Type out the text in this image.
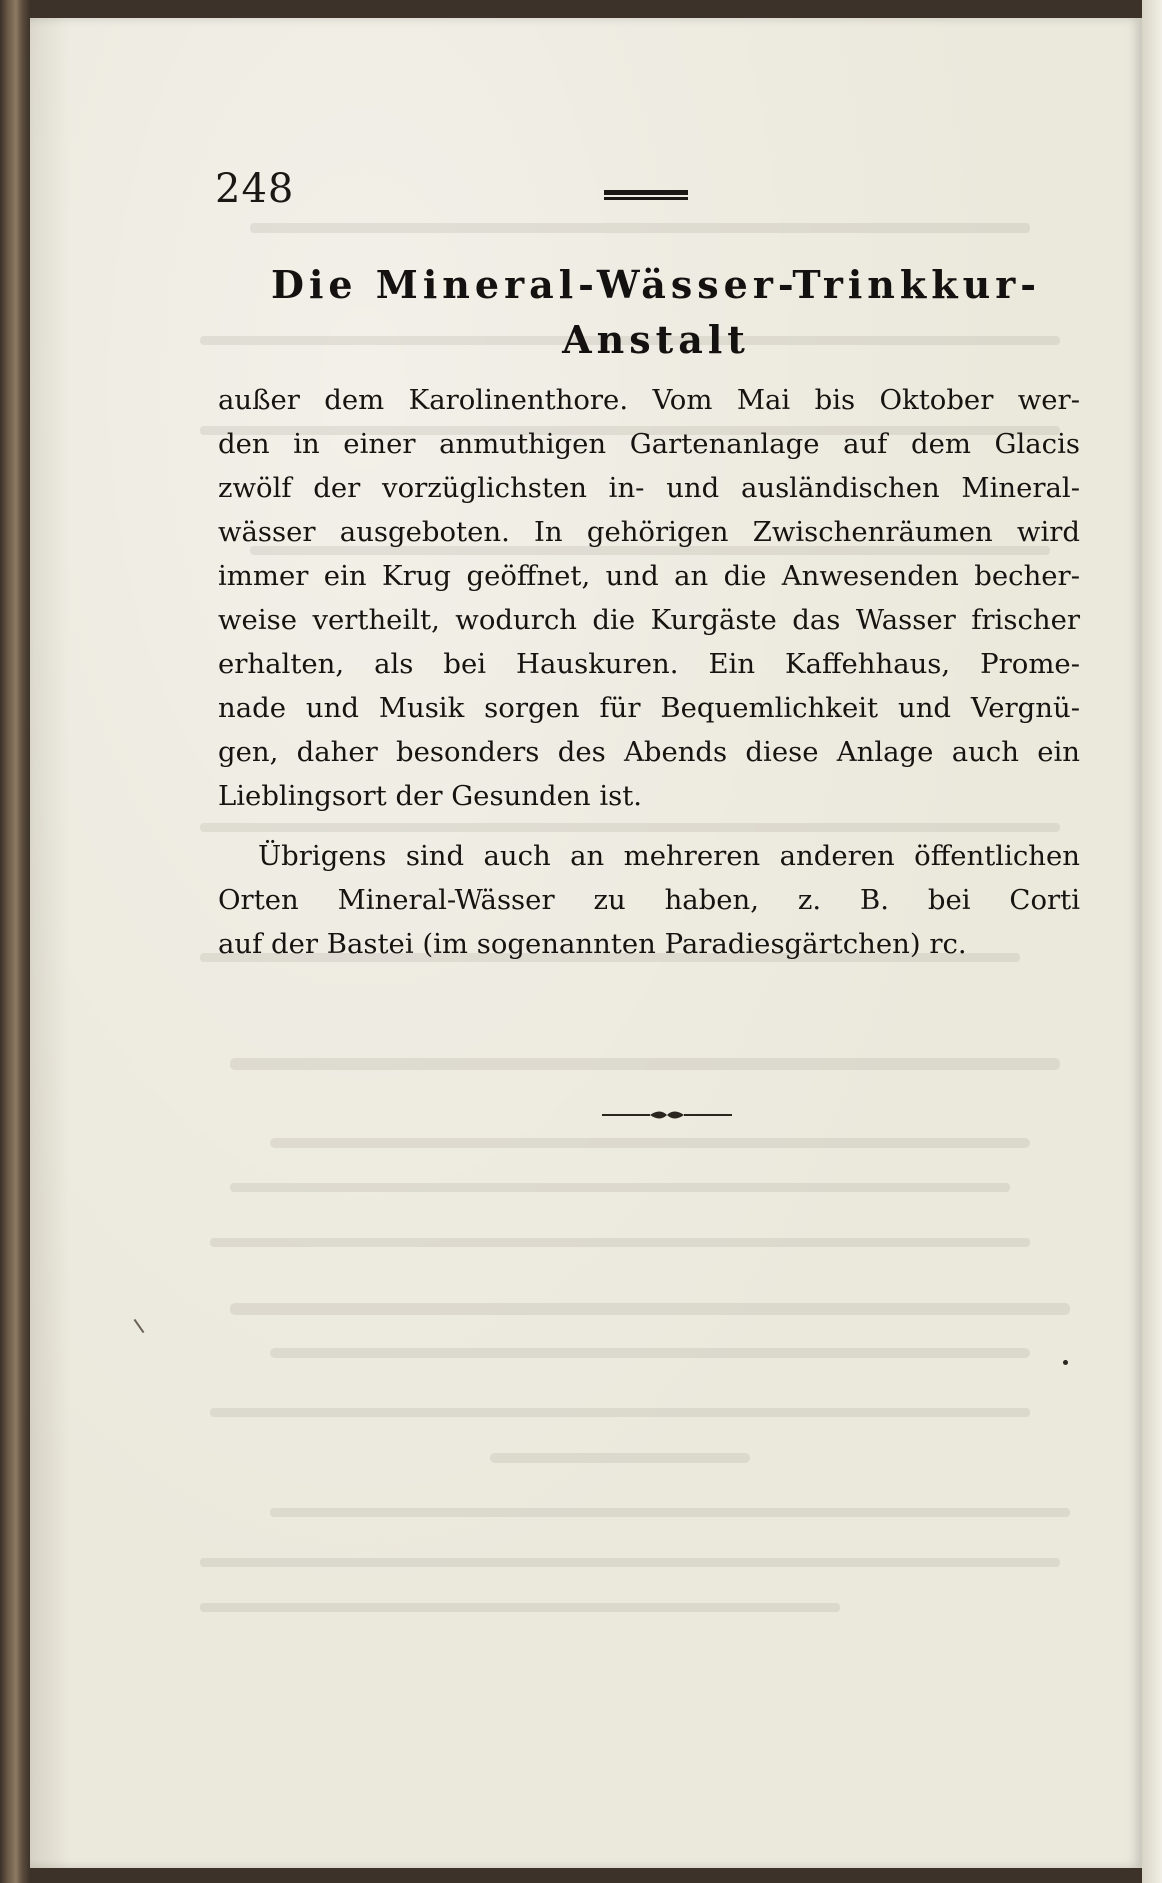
248
Die Mineral-Wässer-Trinkkur-
Anstalt
außer dem Karolinenthore. Vom Mai bis Oktober wer-
den in einer anmuthigen Gartenanlage auf dem Glacis
zwölf der vorzüglichsten in- und ausländischen Mineral-
wässer ausgeboten. In gehörigen Zwischenräumen wird
immer ein Krug geöffnet, und an die Anwesenden becher-
weise vertheilt, wodurch die Kurgäste das Wasser frischer
erhalten, als bei Hauskuren. Ein Kaffehhaus, Prome-
nade und Musik sorgen für Bequemlichkeit und Vergnü-
gen, daher besonders des Abends diese Anlage auch ein
Lieblingsort der Gesunden ist.
Übrigens sind auch an mehreren anderen öffentlichen
Orten Mineral-Wässer zu haben, z. B. bei Corti
auf der Bastei (im sogenannten Paradiesgärtchen) rc.
